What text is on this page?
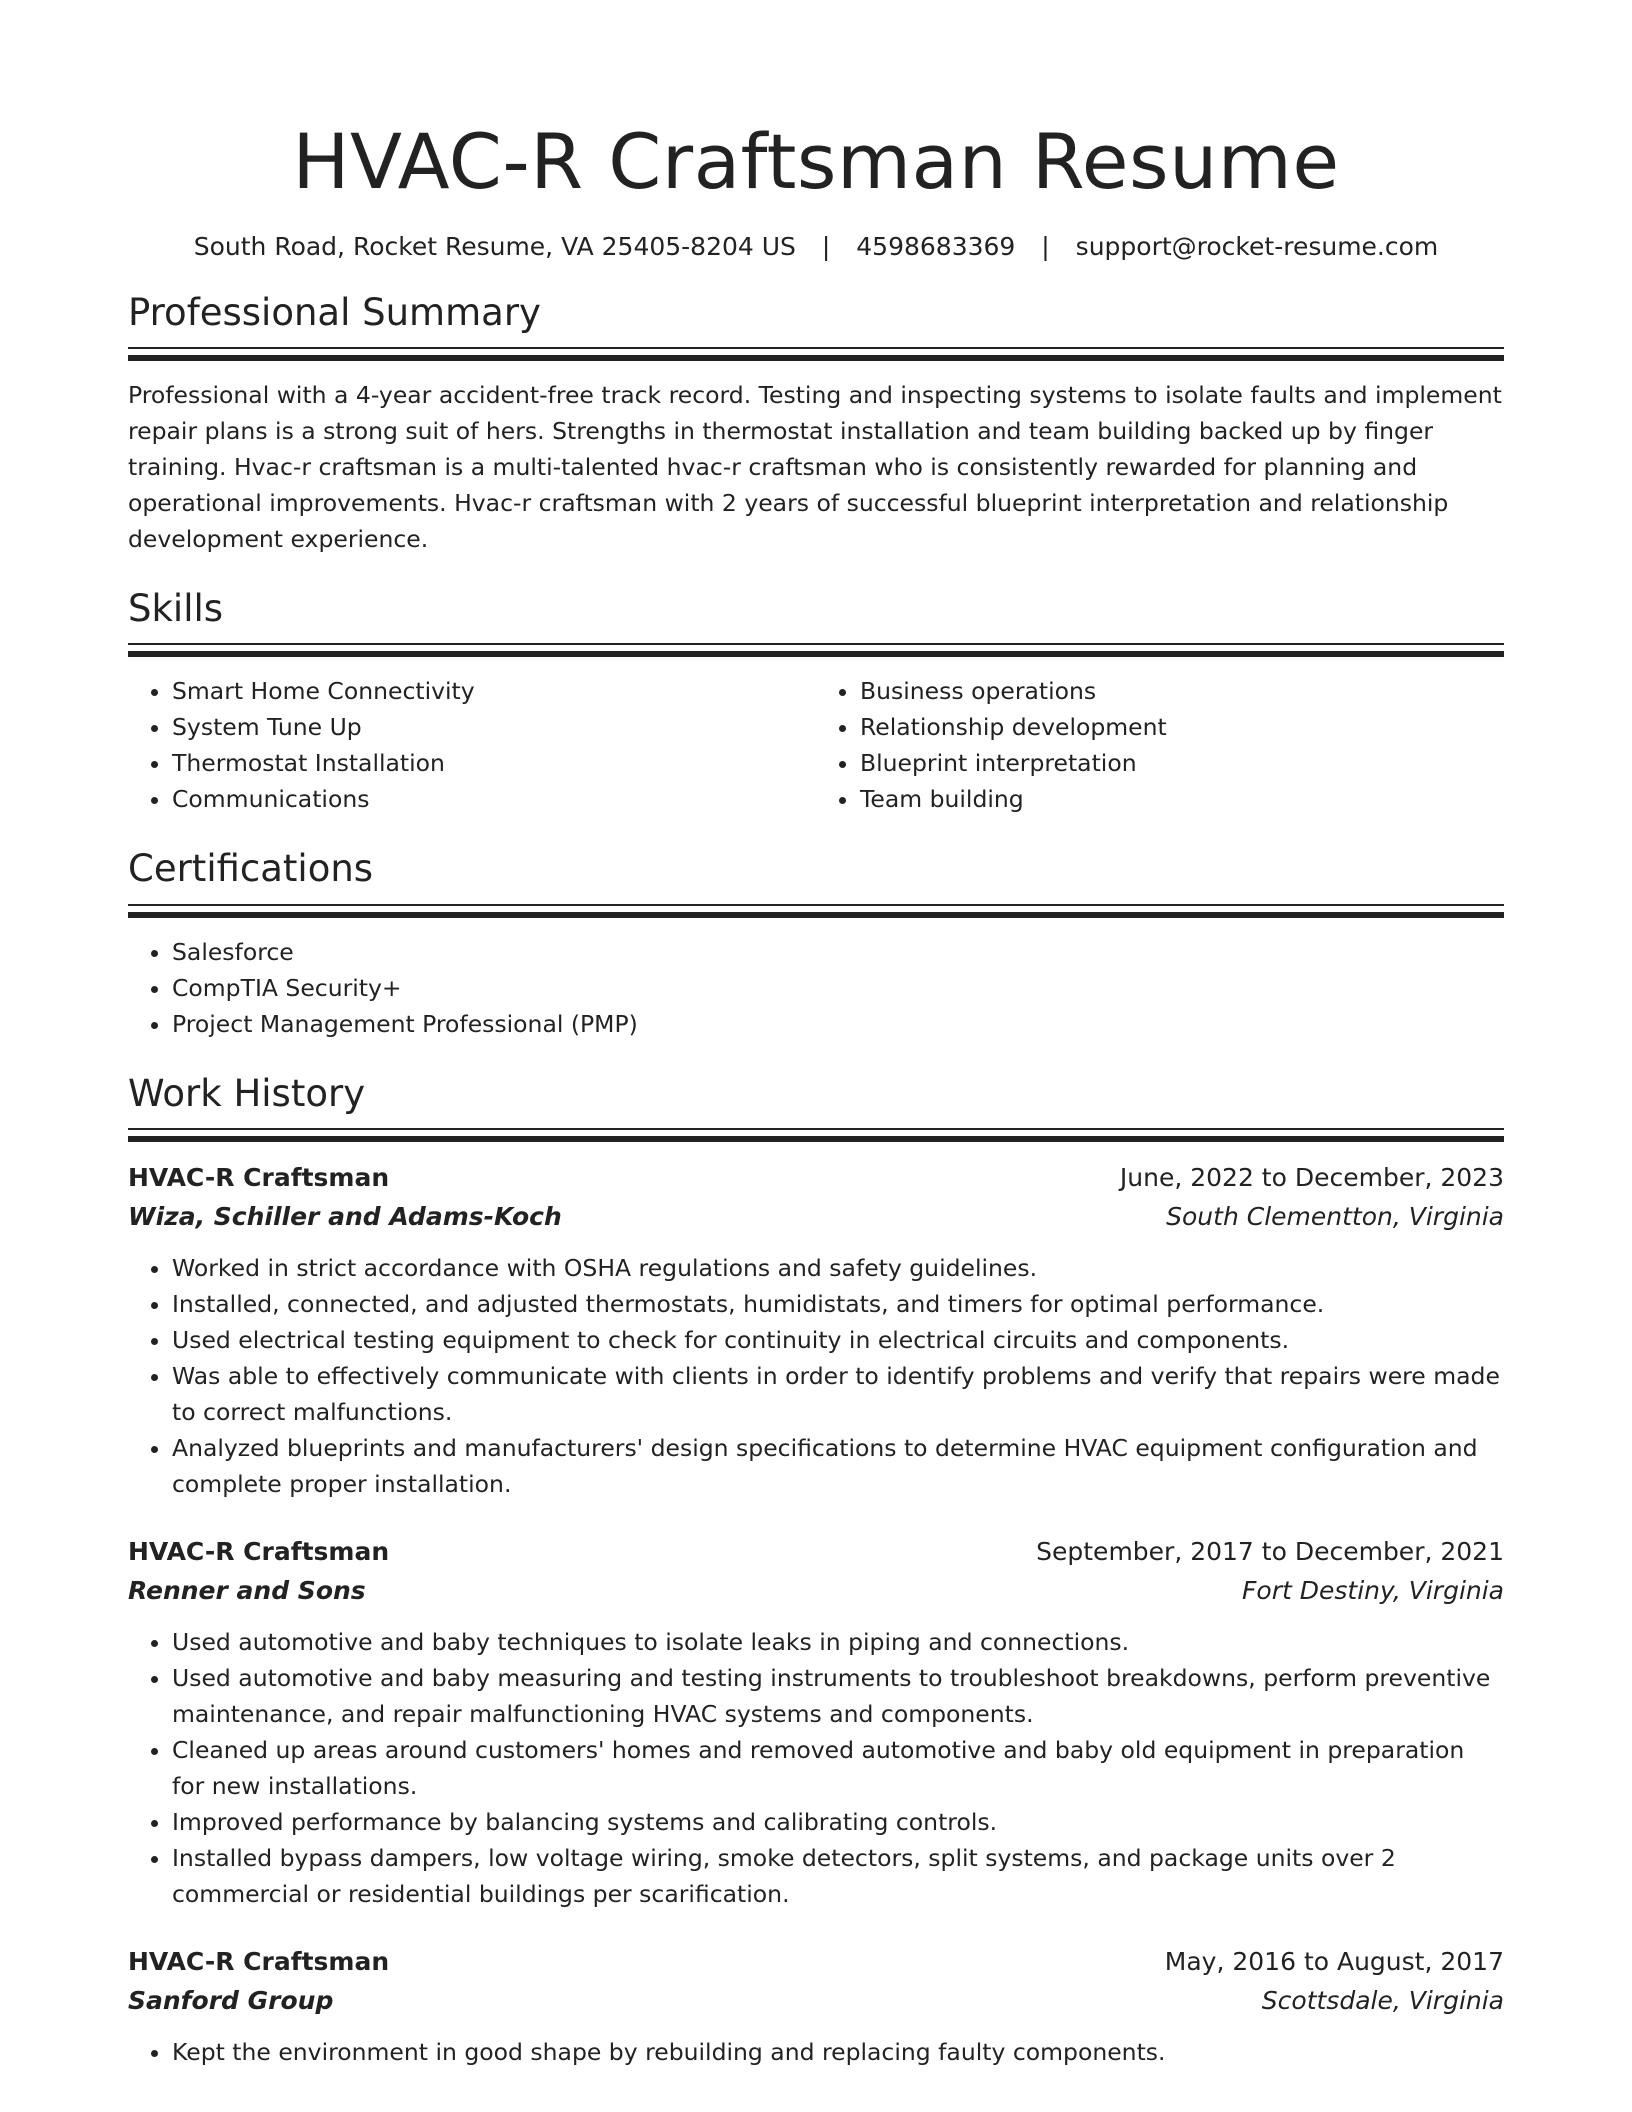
HVAC-R Craftsman Resume
South Road, Rocket Resume, VA 25405-8204 US | 4598683369 | support@rocket-resume.com
Professional Summary

Professional with a 4-year accident-free track record. Testing and inspecting systems to isolate faults and implement repair plans is a strong suit of hers. Strengths in thermostat installation and team building backed up by finger training. Hvac-r craftsman is a multi-talented hvac-r craftsman who is consistently rewarded for planning and operational improvements. Hvac-r craftsman with 2 years of successful blueprint interpretation and relationship development experience.

Skills
• Smart Home Connectivity
• System Tune Up
• Thermostat Installation
• Communications
• Business operations
• Relationship development
• Blueprint interpretation
• Team building
Certifications
• Salesforce
• CompTIA Security+
• Project Management Professional (PMP)
Work History
HVAC-R Craftsman	June, 2022 to December, 2023
Wiza, Schiller and Adams-Koch	South Clementton, Virginia
• Worked in strict accordance with OSHA regulations and safety guidelines.
• Installed, connected, and adjusted thermostats, humidistats, and timers for optimal performance.
• Used electrical testing equipment to check for continuity in electrical circuits and components.
• Was able to effectively communicate with clients in order to identify problems and verify that repairs were made to correct malfunctions.
• Analyzed blueprints and manufacturers' design specifications to determine HVAC equipment configuration and complete proper installation.
HVAC-R Craftsman	September, 2017 to December, 2021
Renner and Sons	Fort Destiny, Virginia
• Used automotive and baby techniques to isolate leaks in piping and connections.
• Used automotive and baby measuring and testing instruments to troubleshoot breakdowns, perform preventive maintenance, and repair malfunctioning HVAC systems and components.
• Cleaned up areas around customers' homes and removed automotive and baby old equipment in preparation for new installations.
• Improved performance by balancing systems and calibrating controls.
• Installed bypass dampers, low voltage wiring, smoke detectors, split systems, and package units over 2 commercial or residential buildings per scarification.
HVAC-R Craftsman	May, 2016 to August, 2017
Sanford Group	Scottsdale, Virginia
• Kept the environment in good shape by rebuilding and replacing faulty components.
